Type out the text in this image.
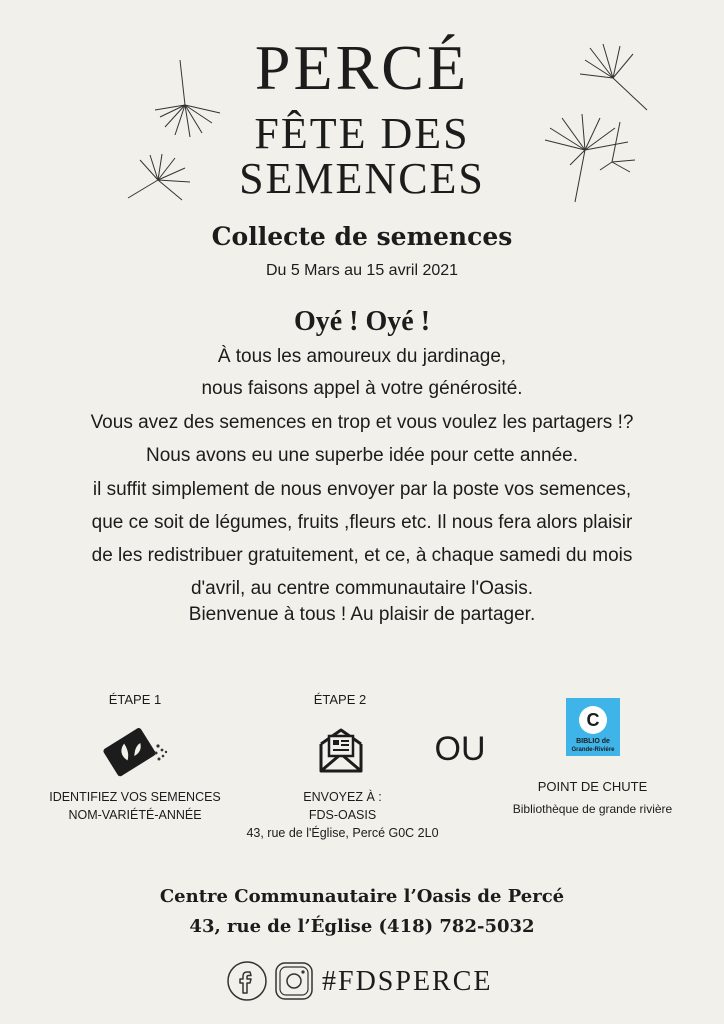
PERCÉ
FÊTE DES
SEMENCES
Collecte de semences
Du 5 Mars au 15 avril 2021
Oyé ! Oyé !
À tous les amoureux du jardinage,
nous faisons appel à votre générosité.
Vous avez des semences en trop et vous voulez les partagers !?
Nous avons eu une superbe idée pour cette année.
il suffit simplement de nous envoyer par la poste vos semences,
que ce soit de légumes, fruits ,fleurs etc. Il nous fera alors plaisir
de les redistribuer gratuitement, et ce, à chaque samedi du mois
d'avril, au centre communautaire l'Oasis.
Bienvenue à tous ! Au plaisir de partager.
ÉTAPE 1
IDENTIFIEZ VOS SEMENCES
NOM-VARIÉTÉ-ANNÉE
ÉTAPE 2
ENVOYEZ À :
FDS-OASIS
43, rue de l'Église, Percé G0C 2L0
OU
C
BIBLIO de
Grande-Rivière
POINT DE CHUTE
Bibliothèque de grande rivière
Centre Communautaire l’Oasis de Percé
43, rue de l’Église (418) 782-5032
#FDSPERCE
